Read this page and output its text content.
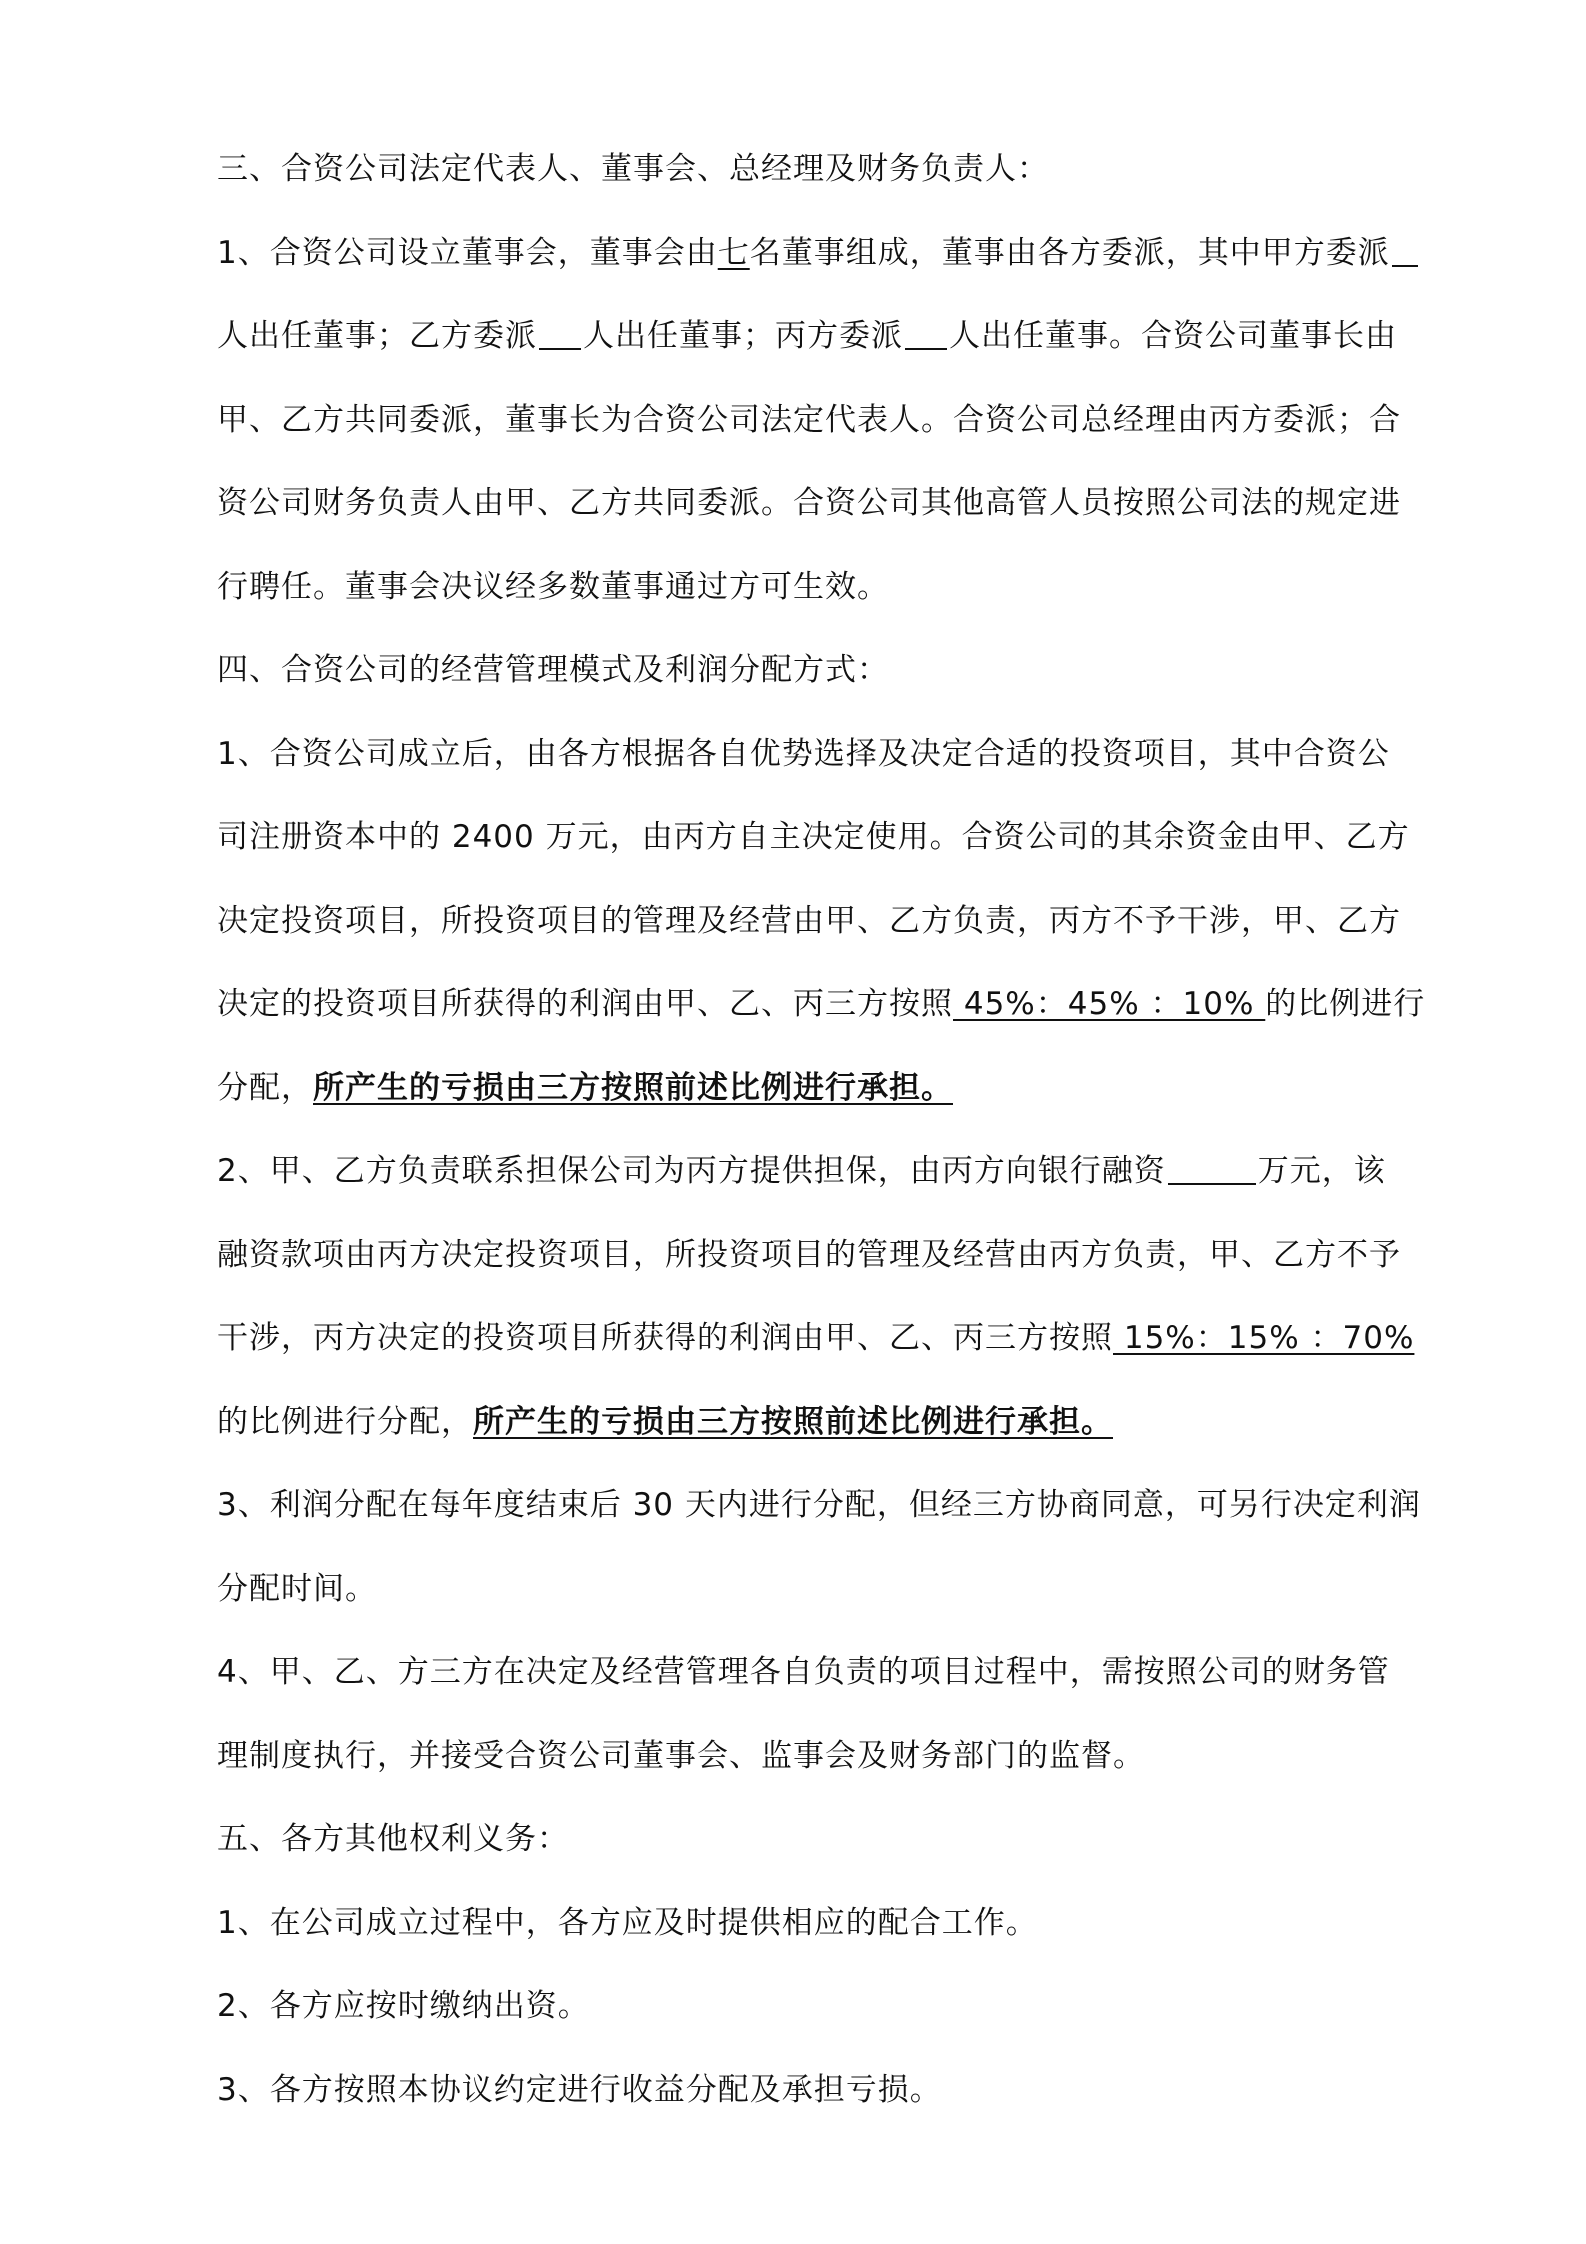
三、合资公司法定代表人、董事会、总经理及财务负责人：
1、合资公司设立董事会，董事会由七名董事组成，董事由各方委派，其中甲方委派
人出任董事；乙方委派 人出任董事；丙方委派 人出任董事。合资公司董事长由
甲、乙方共同委派，董事长为合资公司法定代表人。合资公司总经理由丙方委派；合
资公司财务负责人由甲、乙方共同委派。合资公司其他高管人员按照公司法的规定进
行聘任。董事会决议经多数董事通过方可生效。
四、合资公司的经营管理模式及利润分配方式：
1、合资公司成立后，由各方根据各自优势选择及决定合适的投资项目，其中合资公
司注册资本中的 2400 万元，由丙方自主决定使用。合资公司的其余资金由甲、乙方
决定投资项目，所投资项目的管理及经营由甲、乙方负责，丙方不予干涉，甲、乙方
决定的投资项目所获得的利润由甲、乙、丙三方按照 45%：45% ：10% 的比例进行
分配，所产生的亏损由三方按照前述比例进行承担。
2、甲、乙方负责联系担保公司为丙方提供担保，由丙方向银行融资	万元，该
融资款项由丙方决定投资项目，所投资项目的管理及经营由丙方负责，甲、乙方不予
干涉，丙方决定的投资项目所获得的利润由甲、乙、丙三方按照 15%：15% ：70%
的比例进行分配，所产生的亏损由三方按照前述比例进行承担。
3、利润分配在每年度结束后 30 天内进行分配，但经三方协商同意，可另行决定利润
分配时间。
4、甲、乙、方三方在决定及经营管理各自负责的项目过程中，需按照公司的财务管
理制度执行，并接受合资公司董事会、监事会及财务部门的监督。
五、各方其他权利义务：
1、在公司成立过程中，各方应及时提供相应的配合工作。
2、各方应按时缴纳出资。
3、各方按照本协议约定进行收益分配及承担亏损。
